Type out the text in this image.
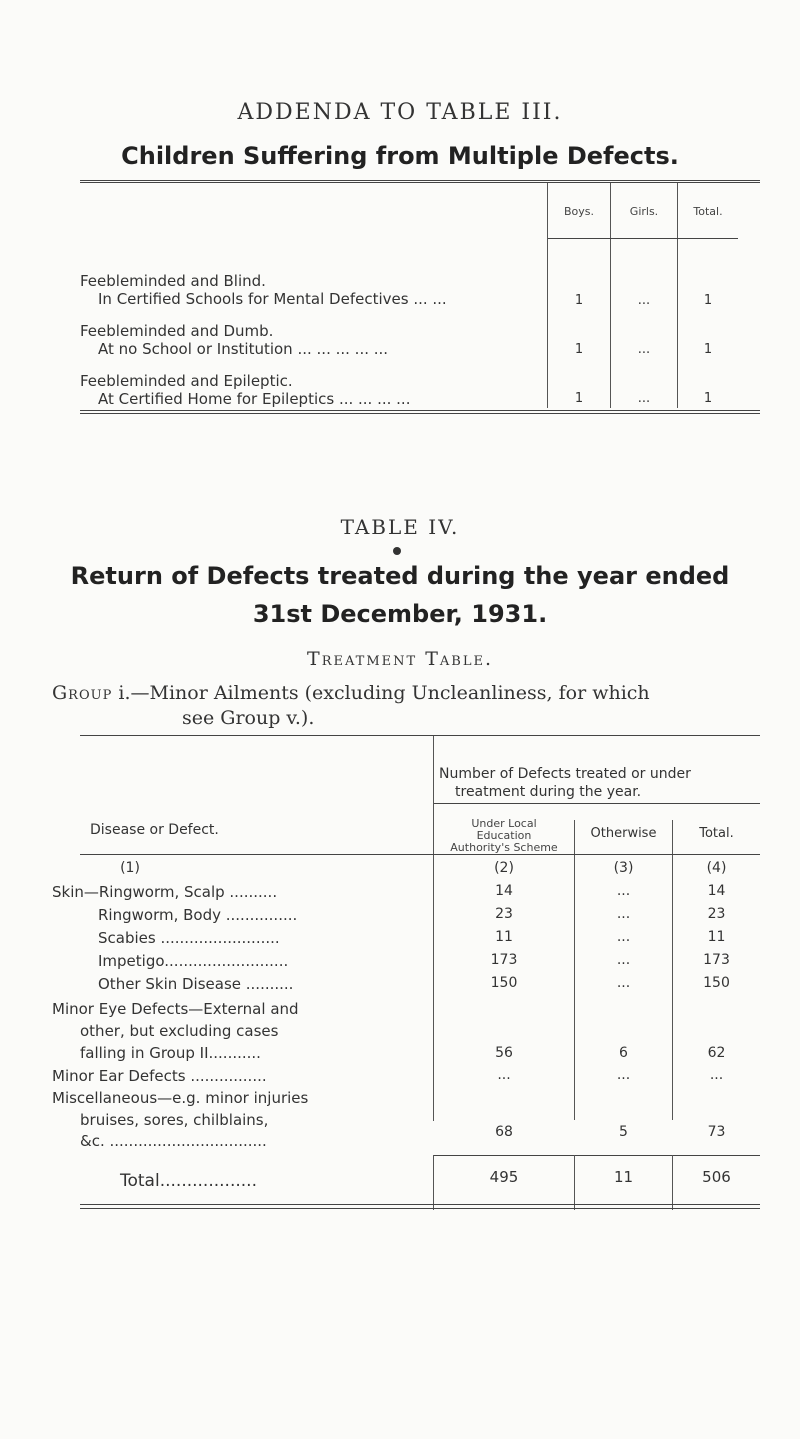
ADDENDA TO TABLE III.
Children Suffering from Multiple Defects.
Boys.	Girls.	Total.
Feebleminded and Blind.
In Certified Schools for Mental Defectives ... ...	1	...	1
Feebleminded and Dumb.
At no School or Institution ... ... ... ... ...	1	...	1
Feebleminded and Epileptic.
At Certified Home for Epileptics ... ... ... ...	1	...	1
TABLE IV.
Return of Defects treated during the year ended
31st December, 1931.
Treatment Table.
Group i.—Minor Ailments (excluding Uncleanliness, for which
see Group v.).
Number of Defects treated or under
treatment during the year.
Disease or Defect.	Under Local
Education
Authority's Scheme
Otherwise	Total.
(1)	(2)	(3)	(4)
Skin—Ringworm, Scalp ..........	14	...	14
Ringworm, Body ...............	23	...	23
Scabies .........................	11	...	11
Impetigo..........................	173	...	173
Other Skin Disease ..........	150	...	150
Minor Eye Defects—External and
other, but excluding cases
falling in Group II...........	56	6	62
Minor Ear Defects ................	...	...	...
Miscellaneous—e.g. minor injuries
bruises, sores, chilblains,
&c. .................................	68	5	73
Total..................	495	11	506
